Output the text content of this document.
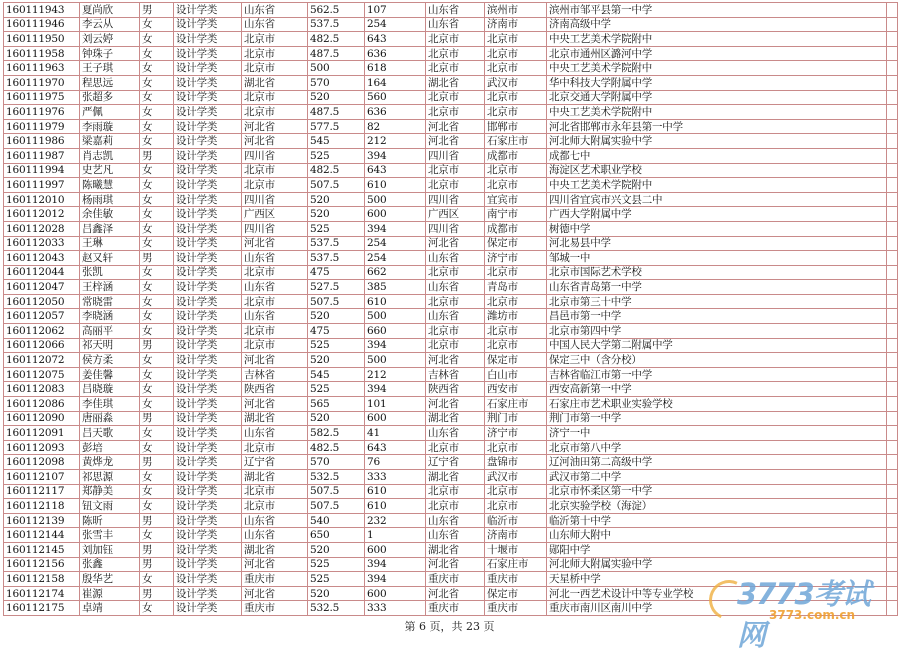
160111943	夏尚欣	男	设计学类	山东省	562.5	107	山东省	滨州市	滨州市邹平县第一中学	
160111946	李云从	女	设计学类	山东省	537.5	254	山东省	济南市	济南高级中学	
160111950	刘云婷	女	设计学类	北京市	482.5	643	北京市	北京市	中央工艺美术学院附中	
160111958	钟珠子	女	设计学类	北京市	487.5	636	北京市	北京市	北京市通州区潞河中学	
160111963	王子琪	女	设计学类	北京市	500	618	北京市	北京市	中央工艺美术学院附中	
160111970	程思远	女	设计学类	湖北省	570	164	湖北省	武汉市	华中科技大学附属中学	
160111975	张超多	女	设计学类	北京市	520	560	北京市	北京市	北京交通大学附属中学	
160111976	严佩	女	设计学类	北京市	487.5	636	北京市	北京市	中央工艺美术学院附中	
160111979	李雨璇	女	设计学类	河北省	577.5	82	河北省	邯郸市	河北省邯郸市永年县第一中学	
160111986	梁嘉莉	女	设计学类	河北省	545	212	河北省	石家庄市	河北师大附属实验中学	
160111987	肖志凯	男	设计学类	四川省	525	394	四川省	成都市	成都七中	
160111994	史艺凡	女	设计学类	北京市	482.5	643	北京市	北京市	海淀区艺术职业学校	
160111997	陈曦慧	女	设计学类	北京市	507.5	610	北京市	北京市	中央工艺美术学院附中	
160112010	杨雨琪	女	设计学类	四川省	520	500	四川省	宜宾市	四川省宜宾市兴文县二中	
160112012	余佳敏	女	设计学类	广西区	520	600	广西区	南宁市	广西大学附属中学	
160112028	吕鑫泽	女	设计学类	四川省	525	394	四川省	成都市	树德中学	
160112033	王琳	女	设计学类	河北省	537.5	254	河北省	保定市	河北易县中学	
160112043	赵又轩	男	设计学类	山东省	537.5	254	山东省	济宁市	邹城一中	
160112044	张凯	女	设计学类	北京市	475	662	北京市	北京市	北京市国际艺术学校	
160112047	王梓涵	女	设计学类	山东省	527.5	385	山东省	青岛市	山东省青岛第一中学	
160112050	常晓雷	女	设计学类	北京市	507.5	610	北京市	北京市	北京市第三十中学	
160112057	李晓涵	女	设计学类	山东省	520	500	山东省	潍坊市	昌邑市第一中学	
160112062	高丽平	女	设计学类	北京市	475	660	北京市	北京市	北京市第四中学	
160112066	祁天明	男	设计学类	北京市	525	394	北京市	北京市	中国人民大学第二附属中学	
160112072	侯方柔	女	设计学类	河北省	520	500	河北省	保定市	保定三中（含分校）	
160112075	姜佳馨	女	设计学类	吉林省	545	212	吉林省	白山市	吉林省临江市第一中学	
160112083	吕晓璇	女	设计学类	陕西省	525	394	陕西省	西安市	西安高新第一中学	
160112086	李佳琪	女	设计学类	河北省	565	101	河北省	石家庄市	石家庄市艺术职业实验学校	
160112090	唐丽淼	男	设计学类	湖北省	520	600	湖北省	荆门市	荆门市第一中学	
160112091	吕天歌	女	设计学类	山东省	582.5	41	山东省	济宁市	济宁一中	
160112093	彭培	女	设计学类	北京市	482.5	643	北京市	北京市	北京市第八中学	
160112098	黄烨龙	男	设计学类	辽宁省	570	76	辽宁省	盘锦市	辽河油田第二高级中学	
160112107	祁思源	女	设计学类	湖北省	532.5	333	湖北省	武汉市	武汉市第二中学	
160112117	郑静美	女	设计学类	北京市	507.5	610	北京市	北京市	北京市怀柔区第一中学	
160112118	钮文雨	女	设计学类	北京市	507.5	610	北京市	北京市	北京实验学校（海淀）	
160112139	陈昕	男	设计学类	山东省	540	232	山东省	临沂市	临沂第十中学	
160112144	张雪丰	女	设计学类	山东省	650	1	山东省	济南市	山东师大附中	
160112145	刘加钰	男	设计学类	湖北省	520	600	湖北省	十堰市	郧阳中学	
160112156	张鑫	男	设计学类	河北省	525	394	河北省	石家庄市	河北师大附属实验中学	
160112158	殷华艺	女	设计学类	重庆市	525	394	重庆市	重庆市	天星桥中学	
160112174	崔源	男	设计学类	河北省	520	600	河北省	保定市	河北一西艺术设计中等专业学校	
160112175	卓靖	女	设计学类	重庆市	532.5	333	重庆市	重庆市	重庆市南川区南川中学	
第 6 页，共 23 页
3773考试网
3773.com.cn
